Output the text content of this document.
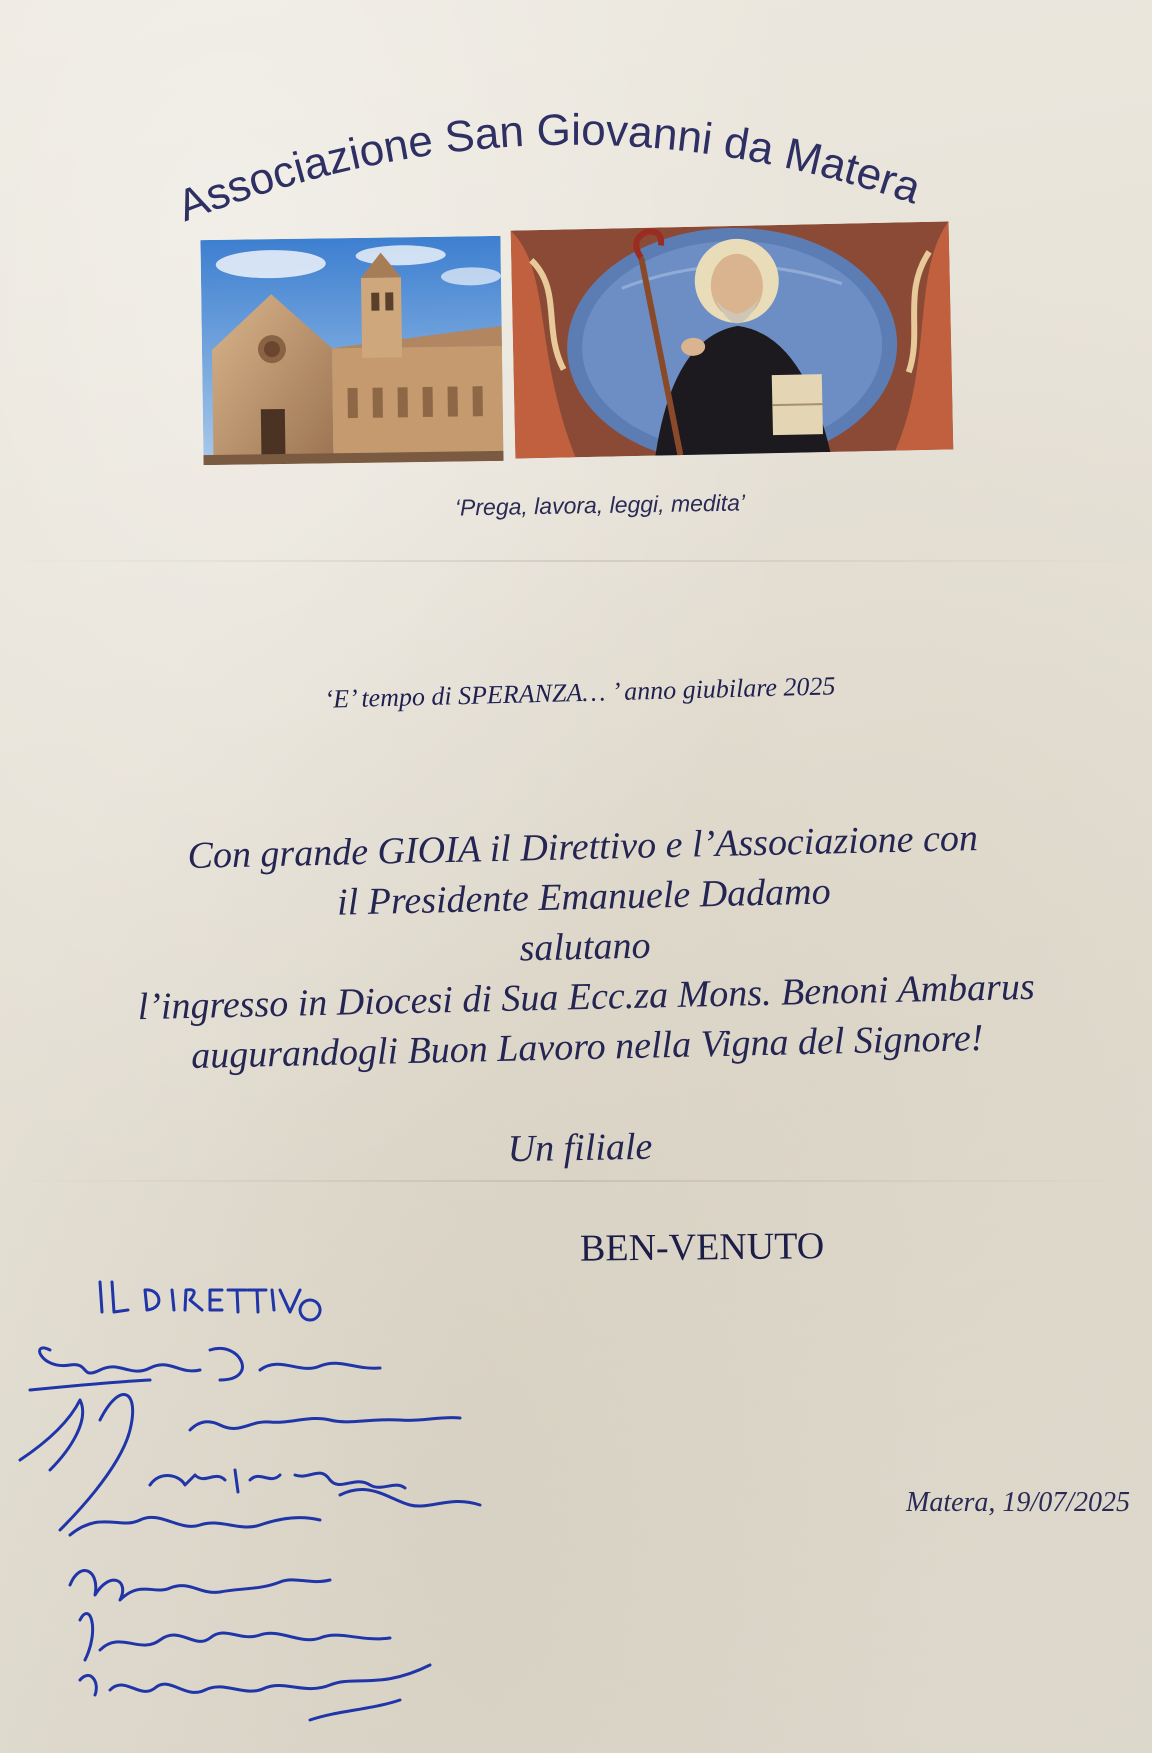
Associazione San Giovanni da Matera
‘Prega, lavora, leggi, medita’
‘E’ tempo di SPERANZA… ’ anno giubilare 2025
Con grande GIOIA il Direttivo e l’Associazione con
il Presidente Emanuele Dadamo
salutano
l’ingresso in Diocesi di Sua Ecc.za Mons. Benoni Ambarus
augurandogli Buon Lavoro nella Vigna del Signore!
Un filiale
BEN-VENUTO
Matera, 19/07/2025
